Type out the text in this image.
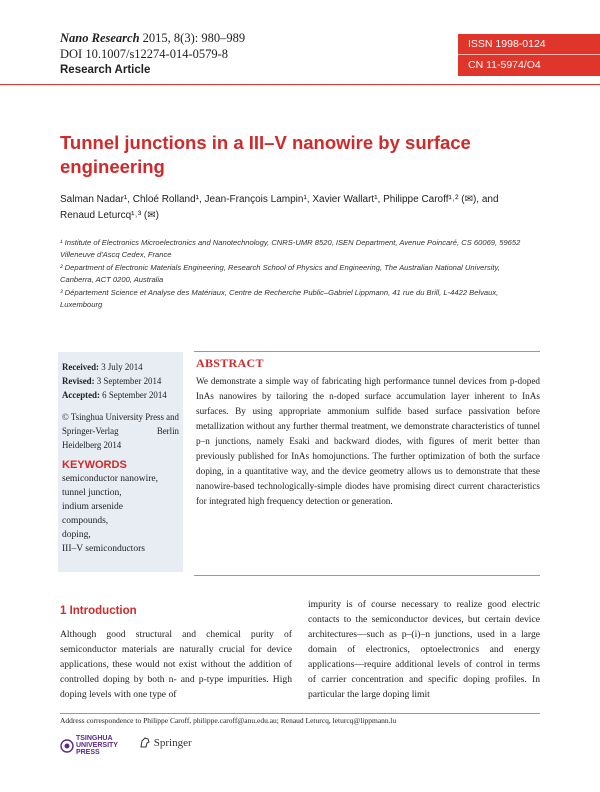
Nano Research 2015, 8(3): 980–989
DOI 10.1007/s12274-014-0579-8
Research Article
ISSN 1998-0124
CN 11-5974/O4
Tunnel junctions in a III–V nanowire by surface engineering
Salman Nadar¹, Chloé Rolland¹, Jean-François Lampin¹, Xavier Wallart¹, Philippe Caroff¹˒² (✉), and Renaud Leturcq¹˒³ (✉)
¹ Institute of Electronics Microelectronics and Nanotechnology, CNRS-UMR 8520, ISEN Department, Avenue Poincaré, CS 60069, 59652 Villeneuve d'Ascq Cedex, France
² Department of Electronic Materials Engineering, Research School of Physics and Engineering, The Australian National University, Canberra, ACT 0200, Australia
³ Département Science et Analyse des Matériaux, Centre de Recherche Public–Gabriel Lippmann, 41 rue du Brill, L-4422 Belvaux, Luxembourg
Received: 3 July 2014
Revised: 3 September 2014
Accepted: 6 September 2014
© Tsinghua University Press and Springer-Verlag Berlin Heidelberg 2014
KEYWORDS
semiconductor nanowire,
tunnel junction,
indium arsenide
compounds,
doping,
III–V semiconductors
ABSTRACT
We demonstrate a simple way of fabricating high performance tunnel devices from p-doped InAs nanowires by tailoring the n-doped surface accumulation layer inherent to InAs surfaces. By using appropriate ammonium sulfide based surface passivation before metallization without any further thermal treatment, we demonstrate characteristics of tunnel p–n junctions, namely Esaki and backward diodes, with figures of merit better than previously published for InAs homojunctions. The further optimization of both the surface doping, in a quantitative way, and the device geometry allows us to demonstrate that these nanowire-based technologically-simple diodes have promising direct current characteristics for integrated high frequency detection or generation.
1 Introduction
Although good structural and chemical purity of semiconductor materials are naturally crucial for device applications, these would not exist without the addition of controlled doping by both n- and p-type impurities. High doping levels with one type of
impurity is of course necessary to realize good electric contacts to the semiconductor devices, but certain device architectures—such as p–(i)–n junctions, used in a large domain of electronics, optoelectronics and energy applications—require additional levels of control in terms of carrier concentration and specific doping profiles. In particular the large doping limit
Address correspondence to Philippe Caroff, philippe.caroff@anu.edu.au; Renaud Leturcq, leturcq@lippmann.lu
TSINGHUA UNIVERSITY PRESS
Springer
